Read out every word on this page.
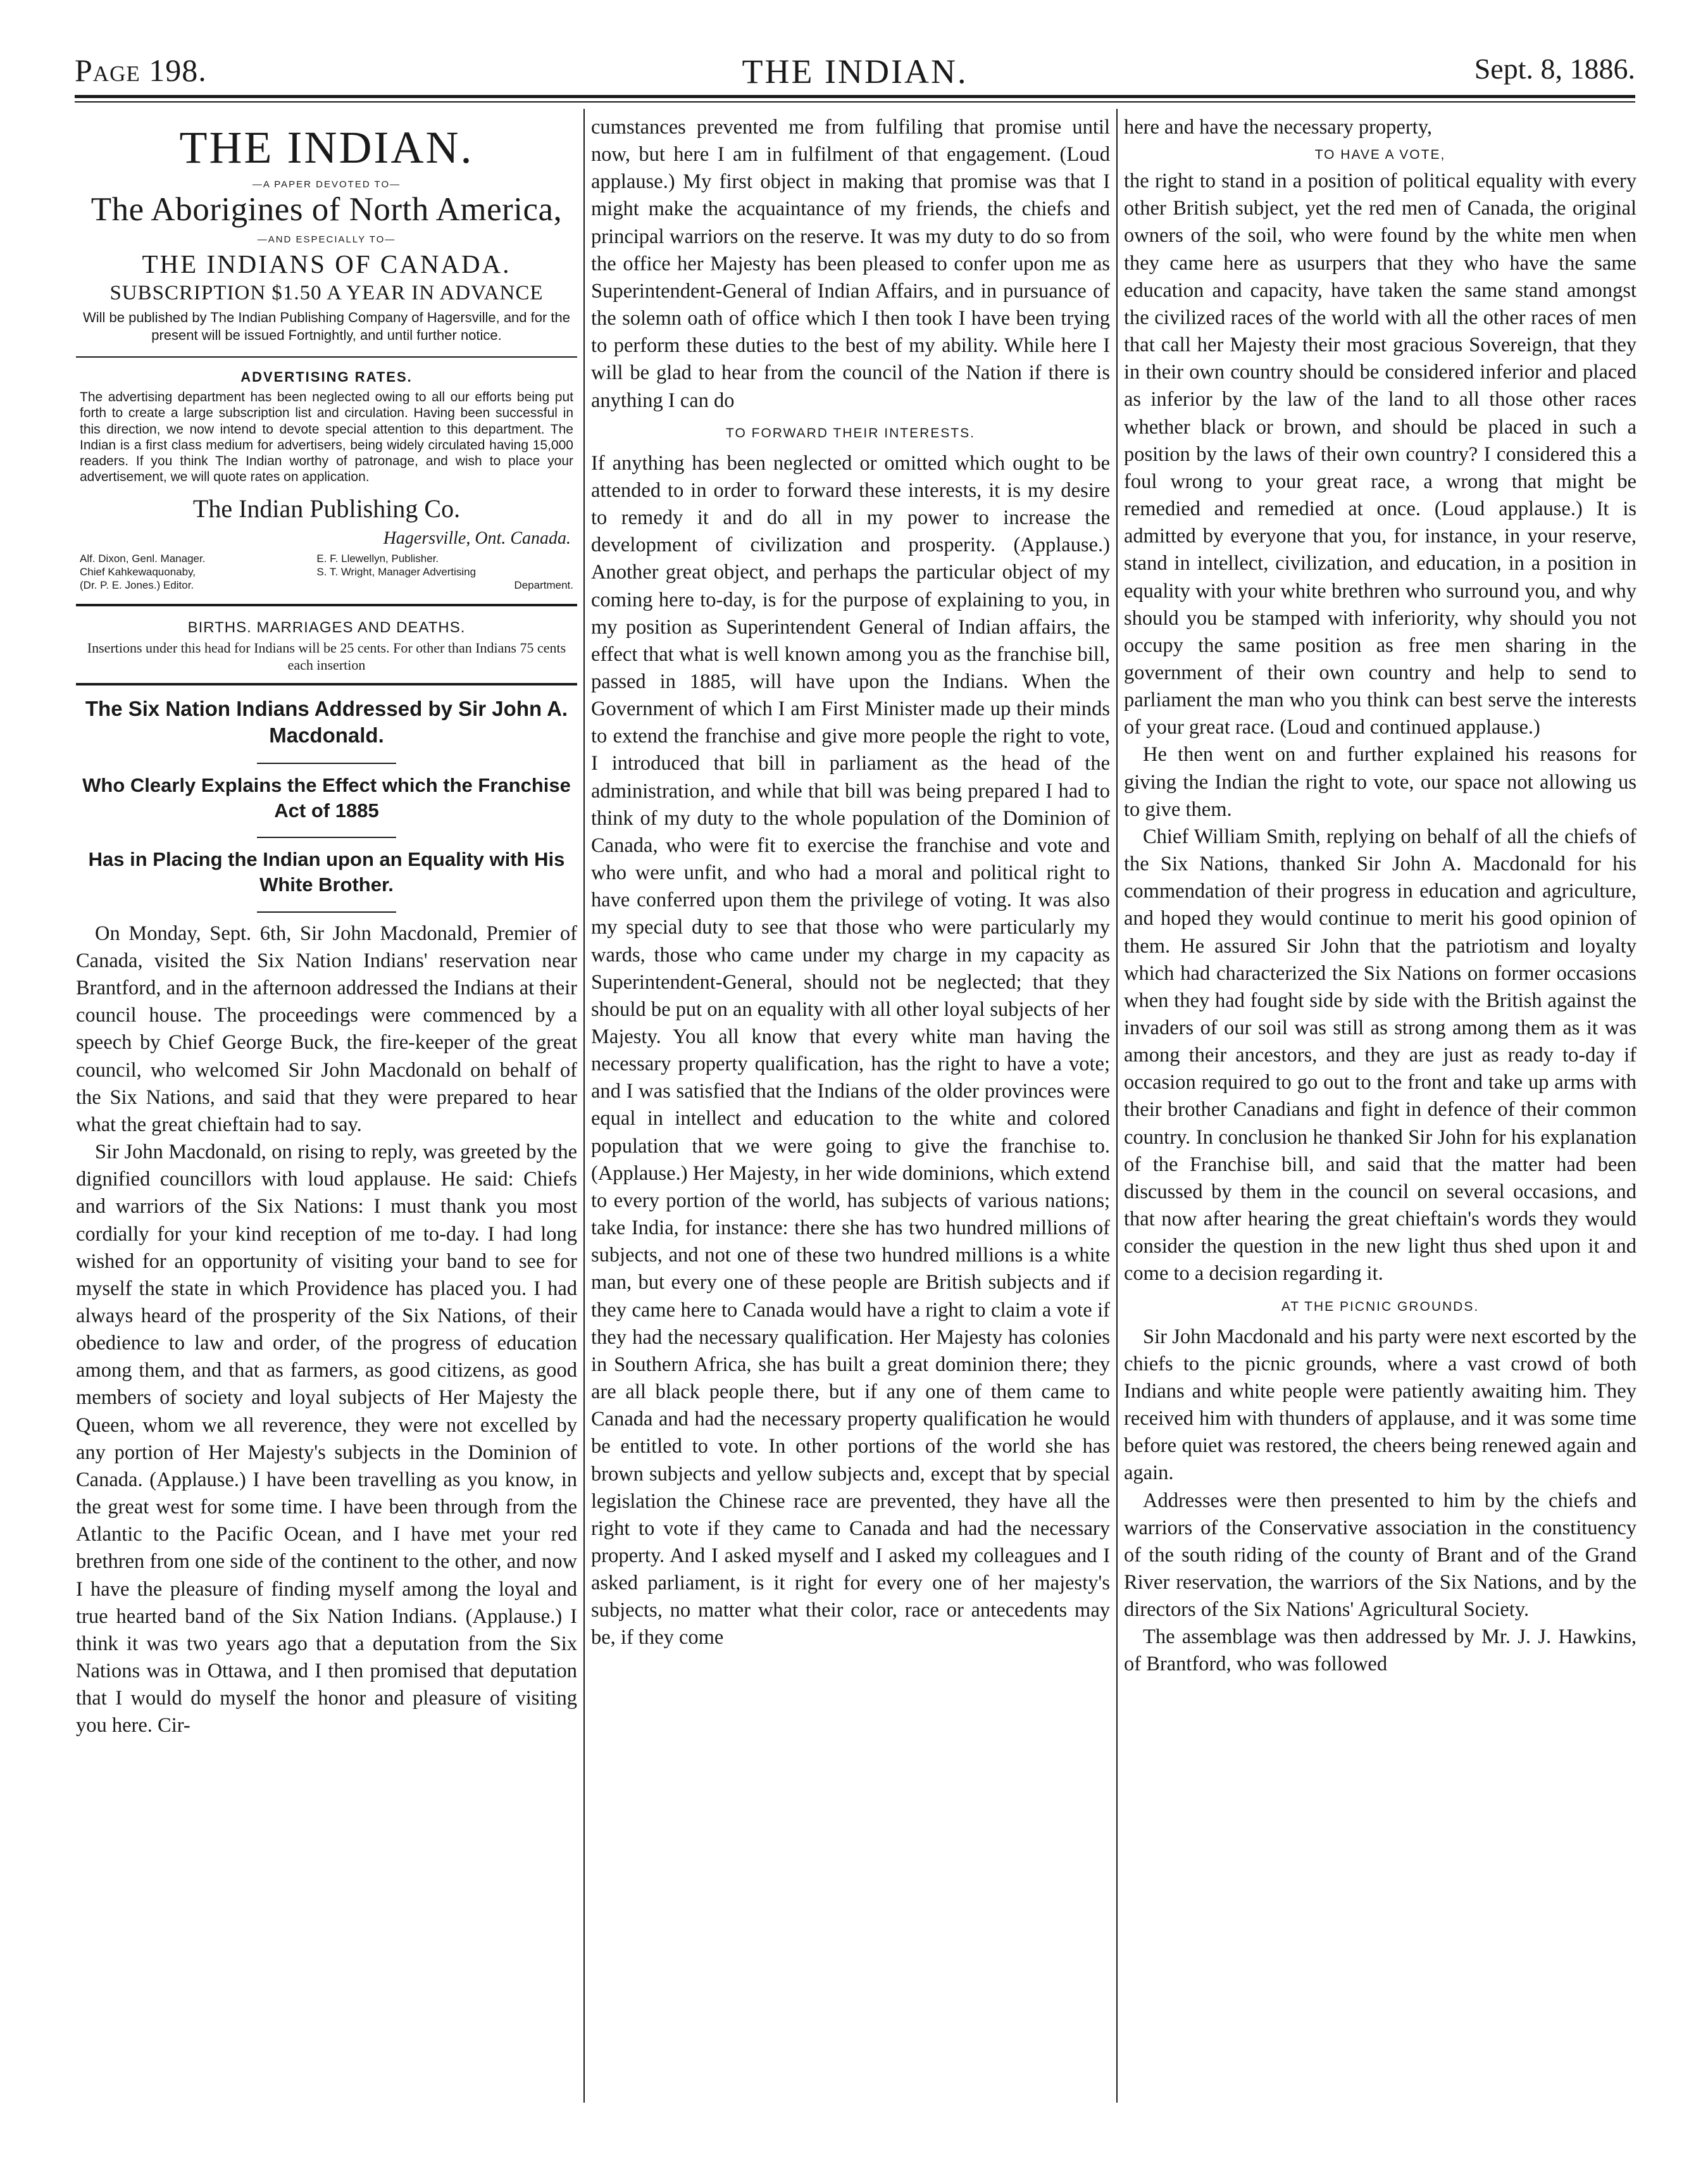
Page 198.	THE INDIAN.	Sept. 8, 1886.
THE INDIAN.
—A PAPER DEVOTED TO—
The Aborigines of North America,
—AND ESPECIALLY TO—
THE INDIANS OF CANADA.
SUBSCRIPTION $1.50 A YEAR IN ADVANCE
Will be published by The Indian Publishing Company of Hagersville, and for the present will be issued Fortnightly, and until further notice.
ADVERTISING RATES.
The advertising department has been neglected owing to all our efforts being put forth to create a large subscription list and circulation. Having been successful in this direction, we now intend to devote special attention to this department. The Indian is a first class medium for advertisers, being widely circulated having 15,000 readers. If you think The Indian worthy of patronage, and wish to place your advertisement, we will quote rates on application.
The Indian Publishing Co.
Hagersville, Ont. Canada.
Alf. Dixon, Genl. Manager.
Chief Kahkewaquonaby,
(Dr. P. E. Jones.) Editor.
E. F. Llewellyn, Publisher.
S. T. Wright, Manager Advertising
Department.
BIRTHS. MARRIAGES AND DEATHS.
Insertions under this head for Indians will be 25 cents. For other than Indians 75 cents each insertion
The Six Nation Indians Addressed by Sir John A. Macdonald.
Who Clearly Explains the Effect which the Franchise Act of 1885
Has in Placing the Indian upon an Equality with His White Brother.

On Monday, Sept. 6th, Sir John Macdonald, Premier of Canada, visited the Six Nation Indians' reservation near Brantford, and in the afternoon addressed the Indians at their council house. The proceedings were commenced by a speech by Chief George Buck, the fire-keeper of the great council, who welcomed Sir John Macdonald on behalf of the Six Nations, and said that they were prepared to hear what the great chieftain had to say.

Sir John Macdonald, on rising to reply, was greeted by the dignified councillors with loud applause. He said: Chiefs and warriors of the Six Nations: I must thank you most cordially for your kind reception of me to-day. I had long wished for an opportunity of visiting your band to see for myself the state in which Providence has placed you. I had always heard of the prosperity of the Six Nations, of their obedience to law and order, of the progress of education among them, and that as farmers, as good citizens, as good members of society and loyal subjects of Her Majesty the Queen, whom we all reverence, they were not excelled by any portion of Her Majesty's subjects in the Dominion of Canada. (Applause.) I have been travelling as you know, in the great west for some time. I have been through from the Atlantic to the Pacific Ocean, and I have met your red brethren from one side of the continent to the other, and now I have the pleasure of finding myself among the loyal and true hearted band of the Six Nation Indians. (Applause.) I think it was two years ago that a deputation from the Six Nations was in Ottawa, and I then promised that deputation that I would do myself the honor and pleasure of visiting you here. Cir-

cumstances prevented me from fulfiling that promise until now, but here I am in fulfilment of that engagement. (Loud applause.) My first object in making that promise was that I might make the acquaintance of my friends, the chiefs and principal warriors on the reserve. It was my duty to do so from the office her Majesty has been pleased to confer upon me as Superintendent-General of Indian Affairs, and in pursuance of the solemn oath of office which I then took I have been trying to perform these duties to the best of my ability. While here I will be glad to hear from the council of the Nation if there is anything I can do

TO FORWARD THEIR INTERESTS.

If anything has been neglected or omitted which ought to be attended to in order to forward these interests, it is my desire to remedy it and do all in my power to increase the development of civilization and prosperity. (Applause.) Another great object, and perhaps the particular object of my coming here to-day, is for the purpose of explaining to you, in my position as Superintendent General of Indian affairs, the effect that what is well known among you as the franchise bill, passed in 1885, will have upon the Indians. When the Government of which I am First Minister made up their minds to extend the franchise and give more people the right to vote, I introduced that bill in parliament as the head of the administration, and while that bill was being prepared I had to think of my duty to the whole population of the Dominion of Canada, who were fit to exercise the franchise and vote and who were unfit, and who had a moral and political right to have conferred upon them the privilege of voting. It was also my special duty to see that those who were particularly my wards, those who came under my charge in my capacity as Superintendent-General, should not be neglected; that they should be put on an equality with all other loyal subjects of her Majesty. You all know that every white man having the necessary property qualification, has the right to have a vote; and I was satisfied that the Indians of the older provinces were equal in intellect and education to the white and colored population that we were going to give the franchise to. (Applause.) Her Majesty, in her wide dominions, which extend to every portion of the world, has subjects of various nations; take India, for instance: there she has two hundred millions of subjects, and not one of these two hundred millions is a white man, but every one of these people are British subjects and if they came here to Canada would have a right to claim a vote if they had the necessary qualification. Her Majesty has colonies in Southern Africa, she has built a great dominion there; they are all black people there, but if any one of them came to Canada and had the necessary property qualification he would be entitled to vote. In other portions of the world she has brown subjects and yellow subjects and, except that by special legislation the Chinese race are prevented, they have all the right to vote if they came to Canada and had the necessary property. And I asked myself and I asked my colleagues and I asked parliament, is it right for every one of her majesty's subjects, no matter what their color, race or antecedents may be, if they come

here and have the necessary property,

TO HAVE A VOTE,

the right to stand in a position of political equality with every other British subject, yet the red men of Canada, the original owners of the soil, who were found by the white men when they came here as usurpers that they who have the same education and capacity, have taken the same stand amongst the civilized races of the world with all the other races of men that call her Majesty their most gracious Sovereign, that they in their own country should be considered inferior and placed as inferior by the law of the land to all those other races whether black or brown, and should be placed in such a position by the laws of their own country? I considered this a foul wrong to your great race, a wrong that might be remedied and remedied at once. (Loud applause.) It is admitted by everyone that you, for instance, in your reserve, stand in intellect, civilization, and education, in a position in equality with your white brethren who surround you, and why should you be stamped with inferiority, why should you not occupy the same position as free men sharing in the government of their own country and help to send to parliament the man who you think can best serve the interests of your great race. (Loud and continued applause.)

He then went on and further explained his reasons for giving the Indian the right to vote, our space not allowing us to give them.

Chief William Smith, replying on behalf of all the chiefs of the Six Nations, thanked Sir John A. Macdonald for his commendation of their progress in education and agriculture, and hoped they would continue to merit his good opinion of them. He assured Sir John that the patriotism and loyalty which had characterized the Six Nations on former occasions when they had fought side by side with the British against the invaders of our soil was still as strong among them as it was among their ancestors, and they are just as ready to-day if occasion required to go out to the front and take up arms with their brother Canadians and fight in defence of their common country. In conclusion he thanked Sir John for his explanation of the Franchise bill, and said that the matter had been discussed by them in the council on several occasions, and that now after hearing the great chieftain's words they would consider the question in the new light thus shed upon it and come to a decision regarding it.

AT THE PICNIC GROUNDS.

Sir John Macdonald and his party were next escorted by the chiefs to the picnic grounds, where a vast crowd of both Indians and white people were patiently awaiting him. They received him with thunders of applause, and it was some time before quiet was restored, the cheers being renewed again and again.

Addresses were then presented to him by the chiefs and warriors of the Conservative association in the constituency of the south riding of the county of Brant and of the Grand River reservation, the warriors of the Six Nations, and by the directors of the Six Nations' Agricultural Society.

The assemblage was then addressed by Mr. J. J. Hawkins, of Brantford, who was followed
